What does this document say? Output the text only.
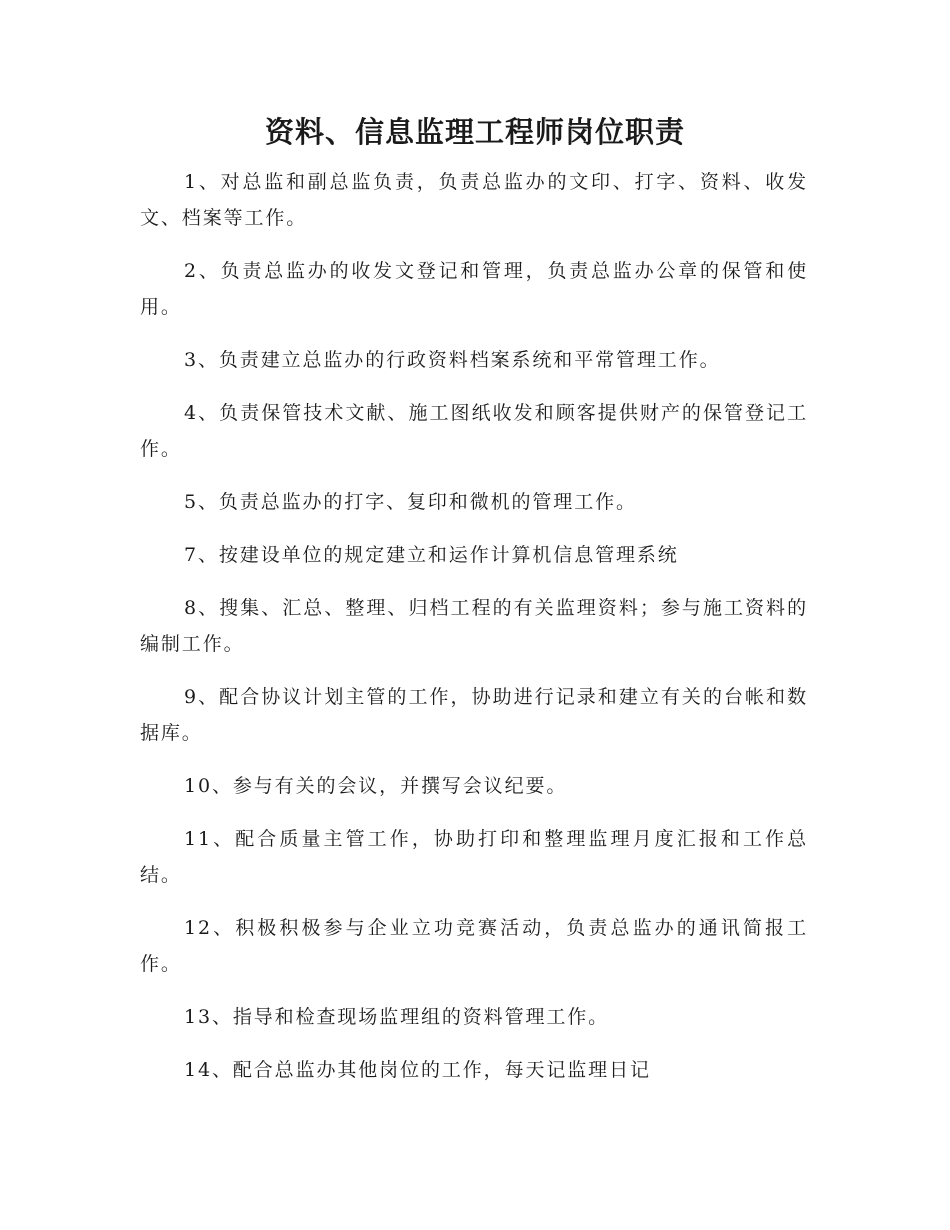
资料、信息监理工程师岗位职责

1、对总监和副总监负责，负责总监办的文印、打字、资料、收发文、档案等工作。

2、负责总监办的收发文登记和管理，负责总监办公章的保管和使用。

3、负责建立总监办的行政资料档案系统和平常管理工作。

4、负责保管技术文献、施工图纸收发和顾客提供财产的保管登记工作。

5、负责总监办的打字、复印和微机的管理工作。

7、按建设单位的规定建立和运作计算机信息管理系统

8、搜集、汇总、整理、归档工程的有关监理资料；参与施工资料的编制工作。

9、配合协议计划主管的工作，协助进行记录和建立有关的台帐和数据库。

10、参与有关的会议，并撰写会议纪要。

11、配合质量主管工作，协助打印和整理监理月度汇报和工作总结。

12、积极积极参与企业立功竞赛活动，负责总监办的通讯简报工作。

13、指导和检查现场监理组的资料管理工作。

14、配合总监办其他岗位的工作，每天记监理日记
